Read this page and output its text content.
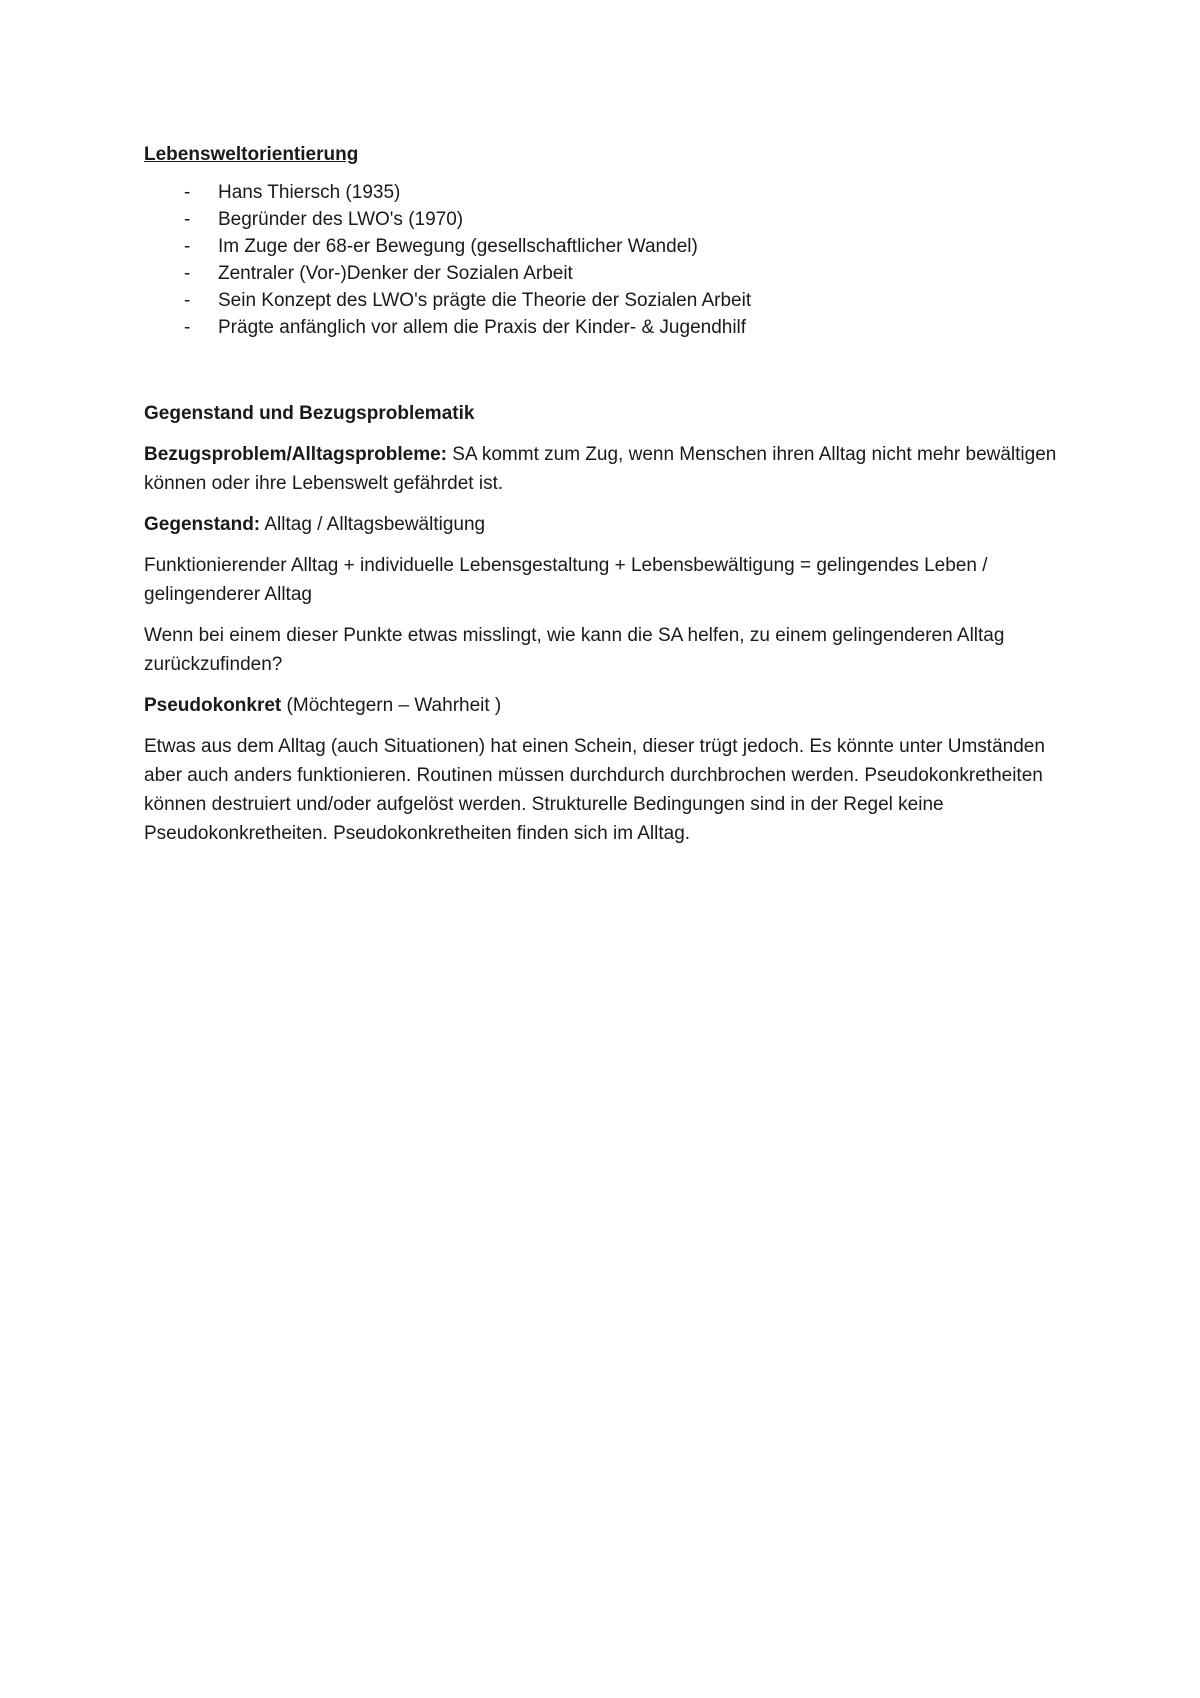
Lebensweltorientierung
- Hans Thiersch (1935)
- Begründer des LWO's (1970)
- Im Zuge der 68-er Bewegung (gesellschaftlicher Wandel)
- Zentraler (Vor-)Denker der Sozialen Arbeit
- Sein Konzept des LWO's prägte die Theorie der Sozialen Arbeit
- Prägte anfänglich vor allem die Praxis der Kinder- & Jugendhilf
Gegenstand und Bezugsproblematik

Bezugsproblem/Alltagsprobleme: SA kommt zum Zug, wenn Menschen ihren Alltag nicht mehr bewältigen können oder ihre Lebenswelt gefährdet ist.

Gegenstand: Alltag / Alltagsbewältigung

Funktionierender Alltag + individuelle Lebensgestaltung + Lebensbewältigung = gelingendes Leben / gelingenderer Alltag

Wenn bei einem dieser Punkte etwas misslingt, wie kann die SA helfen, zu einem gelingenderen Alltag zurückzufinden?

Pseudokonkret (Möchtegern – Wahrheit )

Etwas aus dem Alltag (auch Situationen) hat einen Schein, dieser trügt jedoch. Es könnte unter Umständen aber auch anders funktionieren. Routinen müssen durchdurch durchbrochen werden. Pseudokonkretheiten können destruiert und/oder aufgelöst werden. Strukturelle Bedingungen sind in der Regel keine Pseudokonkretheiten. Pseudokonkretheiten finden sich im Alltag.
